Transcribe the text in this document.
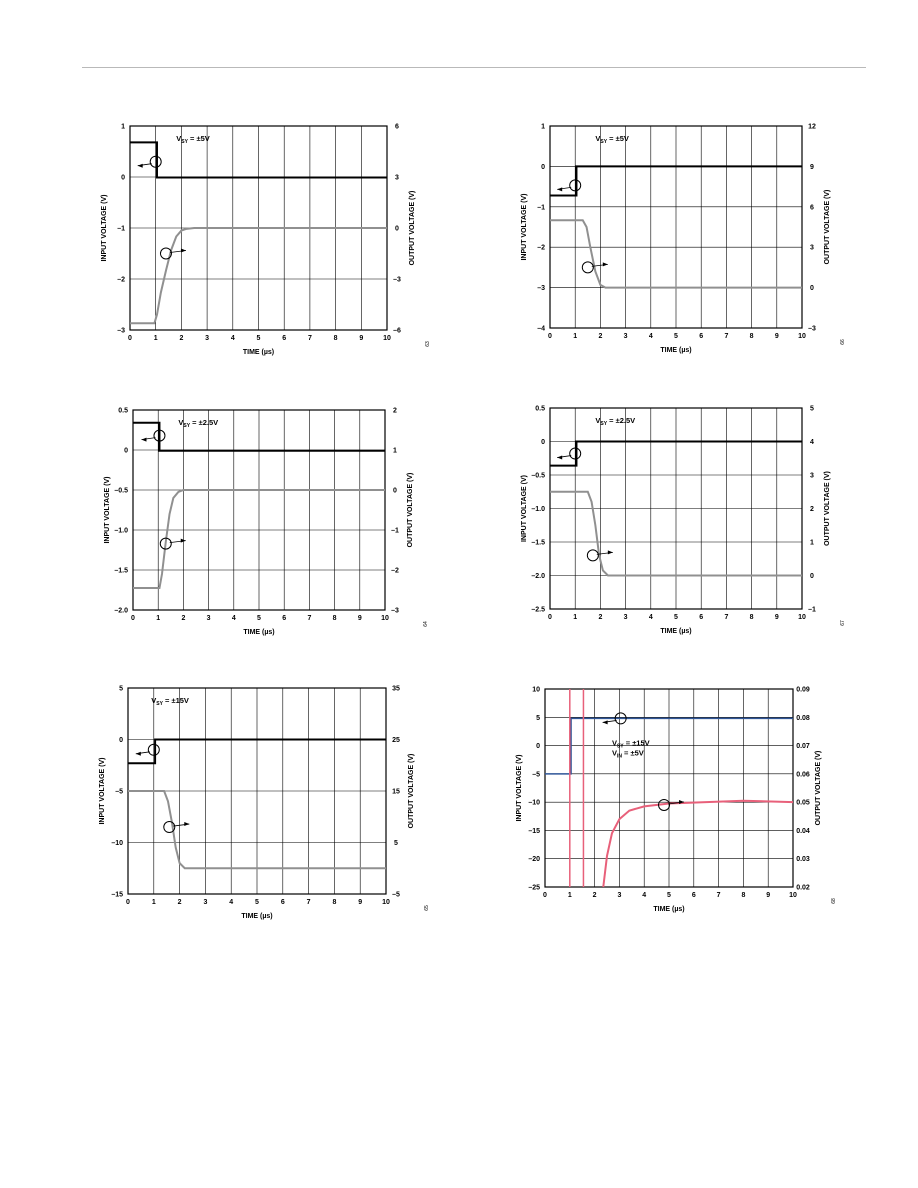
0	1	2	3	4	5	6	7	8	9	10
1
0
–1
–2
–3
6
3
0
–3
–6
TIME (µs)
INPUT VOLTAGE (V)	OUTPUT VOLTAGE (V)
$V_{SY} = \pm 5V$
63
0	1	2	3	4	5	6	7	8	9	10
1
0
–1
–2
–3
–4
12
9
6
3
0
–3
TIME (µs)
INPUT VOLTAGE (V)	OUTPUT VOLTAGE (V)
$V_{SY} = \pm 5V$
66
0	1	2	3	4	5	6	7	8	9	10
0.5
0
–0.5
–1.0
–1.5
–2.0
2
1
0
–1
–2
–3
TIME (µs)
INPUT VOLTAGE (V)	OUTPUT VOLTAGE (V)
$V_{SY} = \pm 2.5V$
64
0	1	2	3	4	5	6	7	8	9	10
0.5
0
–0.5
–1.0
–1.5
–2.0
–2.5
5
4
3
2
1
0
–1
TIME (µs)
INPUT VOLTAGE (V)	OUTPUT VOLTAGE (V)
$V_{SY} = \pm 2.5V$
67
0	1	2	3	4	5	6	7	8	9	10
5
0
–5
–10
–15
35
25
15
5
–5
TIME (µs)
INPUT VOLTAGE (V)	OUTPUT VOLTAGE (V)
$V_{SY} = \pm 15V$
65
0	1	2	3	4	5	6	7	8	9	10
10
5
0
–5
–10
–15
–20
–25
0.09
0.08
0.07
0.06
0.05
0.04
0.03
0.02
TIME (µs)
INPUT VOLTAGE (V)	OUTPUT VOLTAGE (V)
$V_{SY} = \pm 15V$
$V_{IN} = \pm 5V$
68
